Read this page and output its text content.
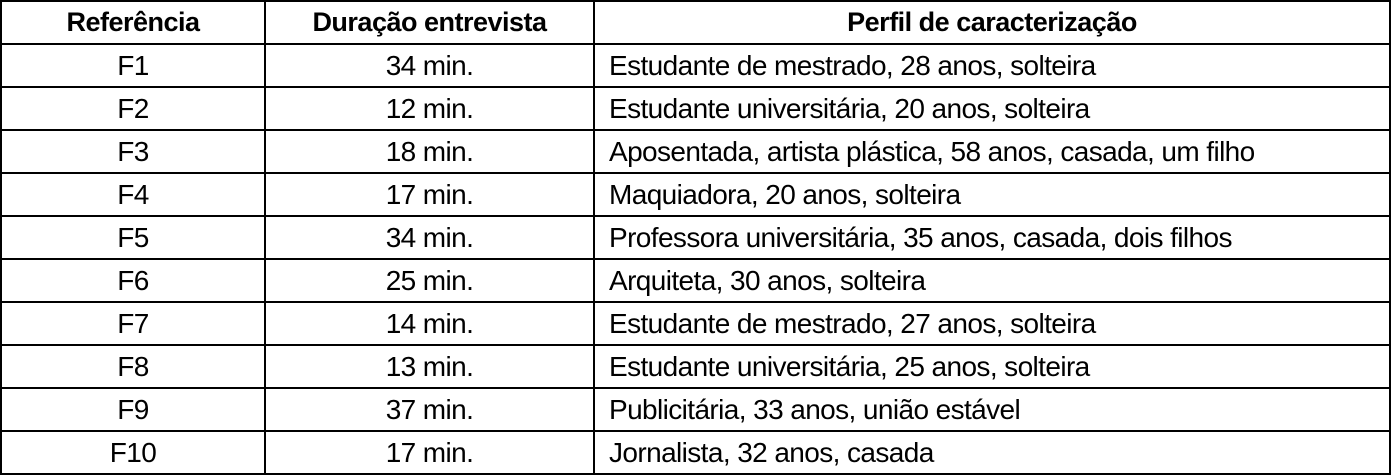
Referência	Duração entrevista	Perfil de caracterização
F1	34 min.	Estudante de mestrado, 28 anos, solteira
F2	12 min.	Estudante universitária, 20 anos, solteira
F3	18 min.	Aposentada, artista plástica, 58 anos, casada, um filho
F4	17 min.	Maquiadora, 20 anos, solteira
F5	34 min.	Professora universitária, 35 anos, casada, dois filhos
F6	25 min.	Arquiteta, 30 anos, solteira
F7	14 min.	Estudante de mestrado, 27 anos, solteira
F8	13 min.	Estudante universitária, 25 anos, solteira
F9	37 min.	Publicitária, 33 anos, união estável
F10	17 min.	Jornalista, 32 anos, casada
